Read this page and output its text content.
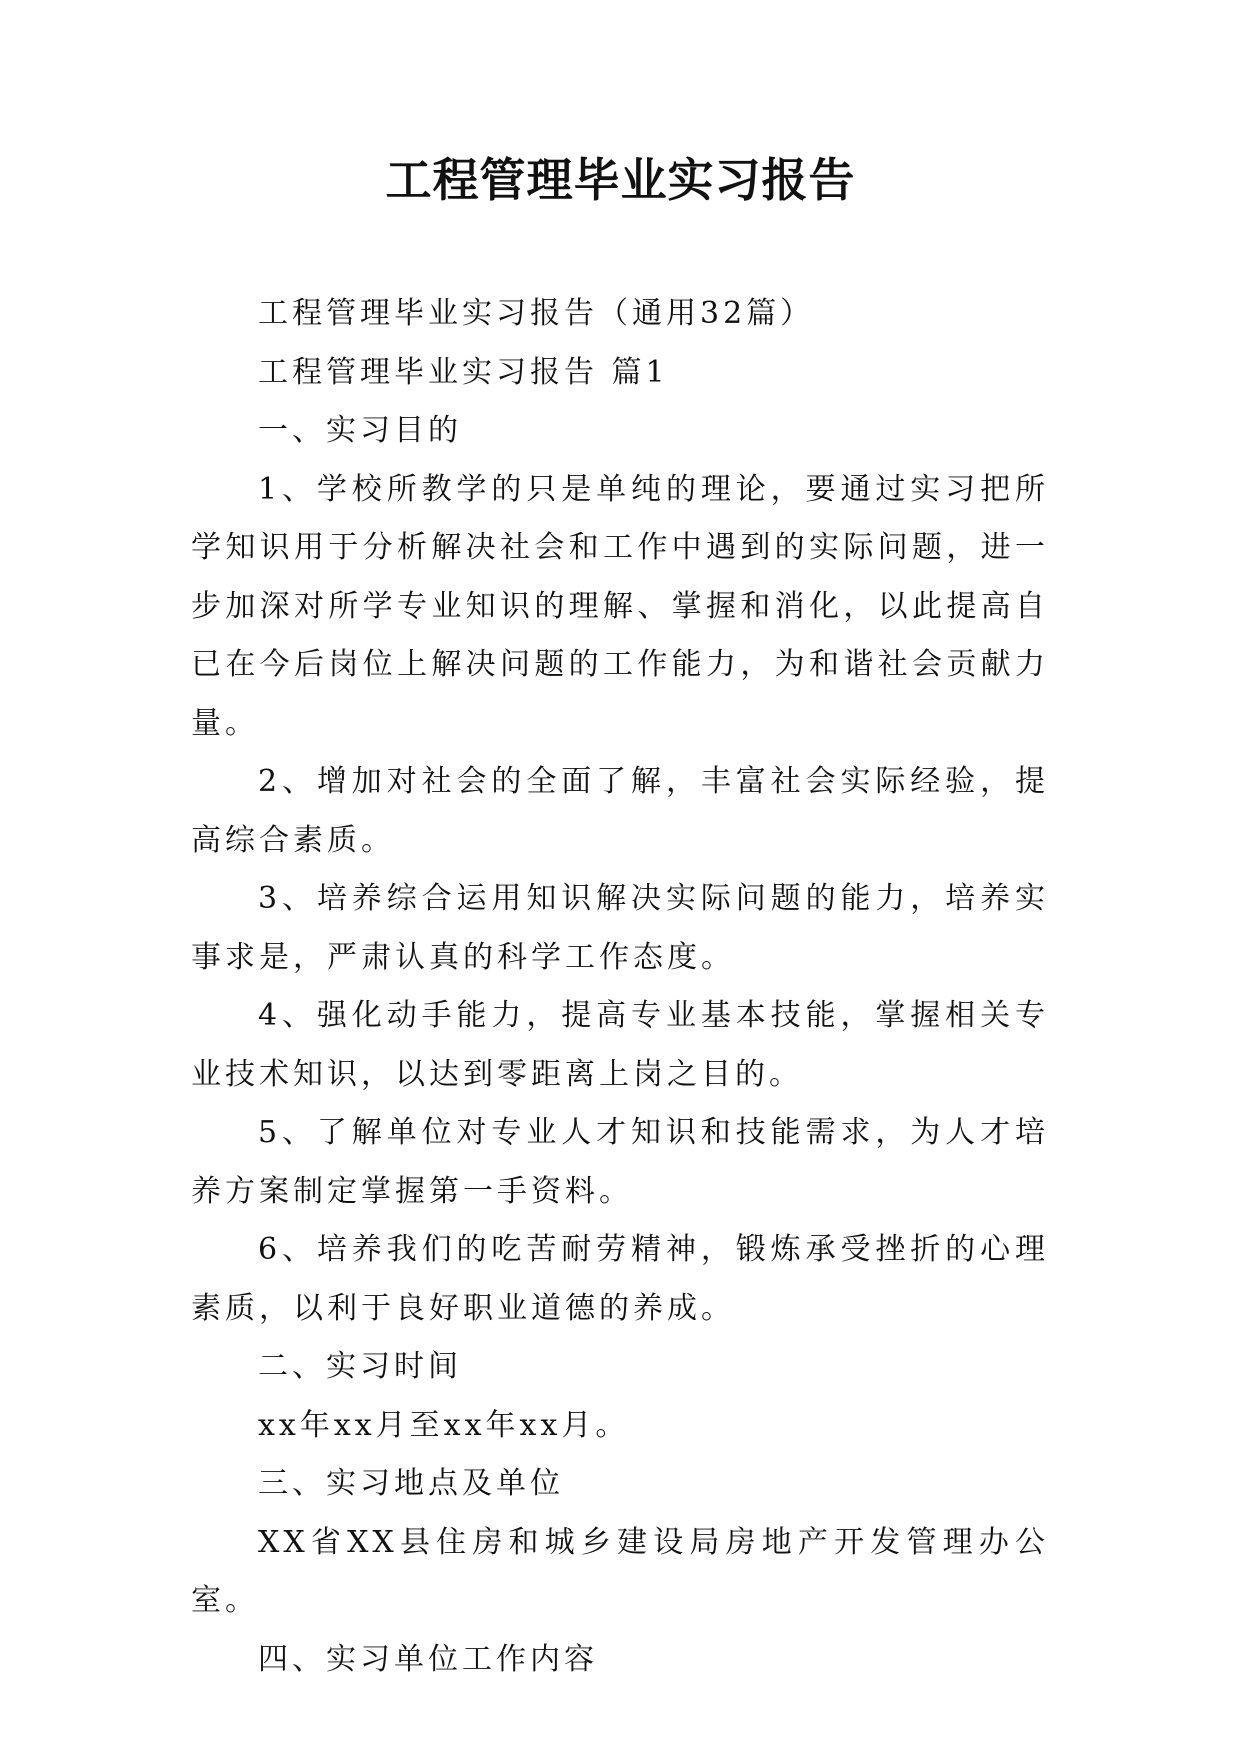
工程管理毕业实习报告

工程管理毕业实习报告（通用32篇）

工程管理毕业实习报告 篇1

一、实习目的

1、学校所教学的只是单纯的理论，要通过实习把所学知识用于分析解决社会和工作中遇到的实际问题，进一步加深对所学专业知识的理解、掌握和消化，以此提高自已在今后岗位上解决问题的工作能力，为和谐社会贡献力量。

2、增加对社会的全面了解，丰富社会实际经验，提高综合素质。

3、培养综合运用知识解决实际问题的能力，培养实事求是，严肃认真的科学工作态度。

4、强化动手能力，提高专业基本技能，掌握相关专业技术知识，以达到零距离上岗之目的。

5、了解单位对专业人才知识和技能需求，为人才培养方案制定掌握第一手资料。

6、培养我们的吃苦耐劳精神，锻炼承受挫折的心理素质，以利于良好职业道德的养成。

二、实习时间

xx年xx月至xx年xx月。

三、实习地点及单位

XX省XX县住房和城乡建设局房地产开发管理办公室。

四、实习单位工作内容
